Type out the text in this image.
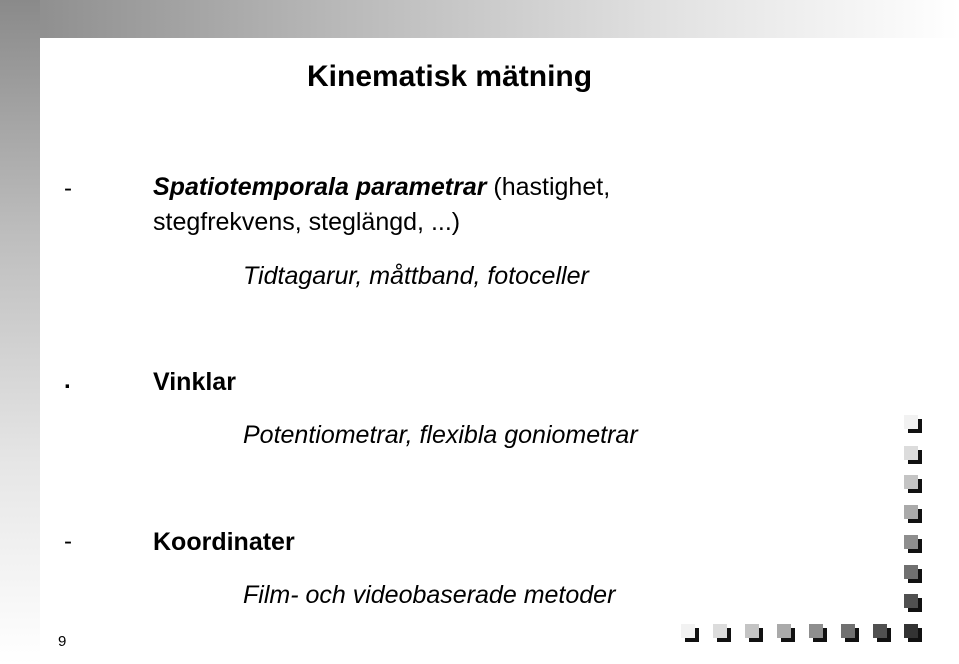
Kinematisk mätning
-	Spatiotemporala parametrar (hastighet,
stegfrekvens, steglängd, ...)
Tidtagarur, måttband, fotoceller
.	Vinklar
Potentiometrar, flexibla goniometrar
-	Koordinater
Film- och videobaserade metoder
9
